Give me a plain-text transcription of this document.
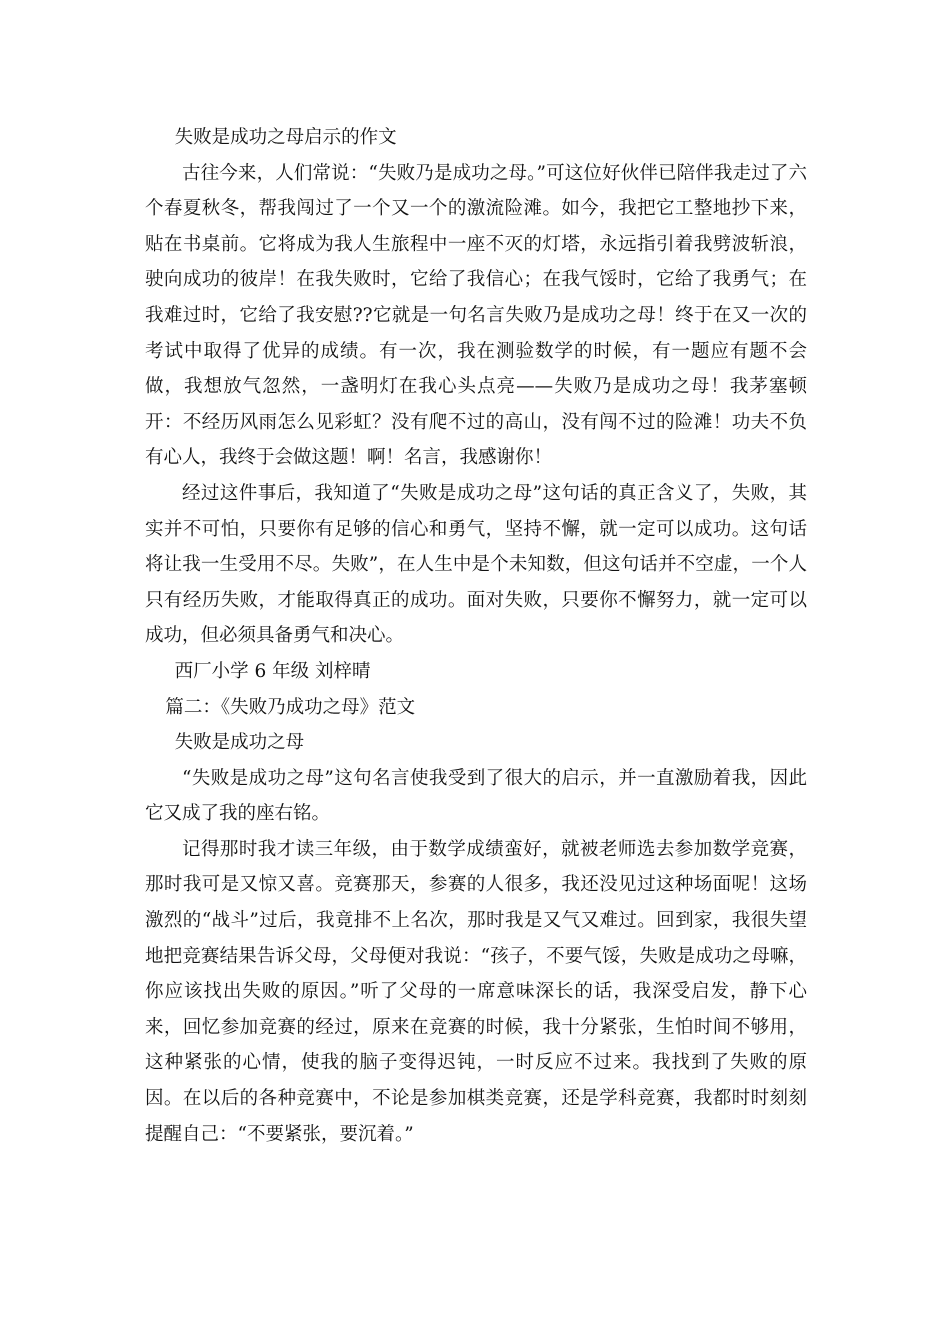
失败是成功之母启示的作文

古往今来，人们常说：“失败乃是成功之母。”可这位好伙伴已陪伴我走过了六个春夏秋冬，帮我闯过了一个又一个的激流险滩。如今，我把它工整地抄下来，贴在书桌前。它将成为我人生旅程中一座不灭的灯塔，永远指引着我劈波斩浪，驶向成功的彼岸！在我失败时，它给了我信心；在我气馁时，它给了我勇气；在我难过时，它给了我安慰??它就是一句名言失败乃是成功之母！终于在又一次的考试中取得了优异的成绩。有一次，我在测验数学的时候，有一题应有题不会做，我想放气忽然，一盏明灯在我心头点亮——失败乃是成功之母！我茅塞顿开：不经历风雨怎么见彩虹？没有爬不过的高山，没有闯不过的险滩！功夫不负有心人，我终于会做这题！啊！名言，我感谢你！

经过这件事后，我知道了“失败是成功之母”这句话的真正含义了，失败，其实并不可怕，只要你有足够的信心和勇气，坚持不懈，就一定可以成功。这句话将让我一生受用不尽。失败”，在人生中是个未知数，但这句话并不空虚，一个人只有经历失败，才能取得真正的成功。面对失败，只要你不懈努力，就一定可以成功，但必须具备勇气和决心。

西厂小学 6 年级 刘梓晴

篇二：《失败乃成功之母》范文

失败是成功之母

“失败是成功之母”这句名言使我受到了很大的启示，并一直激励着我，因此它又成了我的座右铭。

记得那时我才读三年级，由于数学成绩蛮好，就被老师选去参加数学竞赛，那时我可是又惊又喜。竞赛那天，参赛的人很多，我还没见过这种场面呢！这场激烈的“战斗”过后，我竟排不上名次，那时我是又气又难过。回到家，我很失望地把竞赛结果告诉父母，父母便对我说：“孩子，不要气馁，失败是成功之母嘛，你应该找出失败的原因。”听了父母的一席意味深长的话，我深受启发，静下心来，回忆参加竞赛的经过，原来在竞赛的时候，我十分紧张，生怕时间不够用，这种紧张的心情，使我的脑子变得迟钝，一时反应不过来。我找到了失败的原因。在以后的各种竞赛中，不论是参加棋类竞赛，还是学科竞赛，我都时时刻刻提醒自己：“不要紧张，要沉着。”
